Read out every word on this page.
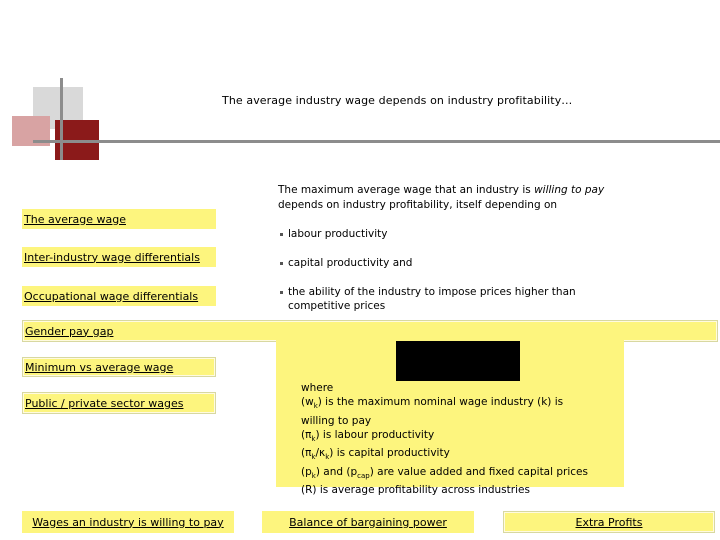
The average industry wage depends on industry profitability…
The maximum average wage that an industry is willing to pay
depends on industry profitability, itself depending on
labour productivity
capital productivity and
the ability of the industry to impose prices higher than
competitive prices
The average wage
Inter-industry wage differentials
Occupational wage differentials
Gender pay gap
Minimum vs average wage
Public / private sector wages
where
$(w_k)$ is the maximum nominal wage industry (k) is
willing to pay
$(\pi_k)$ is labour productivity
$(\pi_k/\kappa_k)$ is capital productivity
$(p_k)$ and $(p_{cap})$ are value added and fixed capital prices
(R) is average profitability across industries
Wages an industry is willing to pay	Balance of bargaining power	Extra Profits
